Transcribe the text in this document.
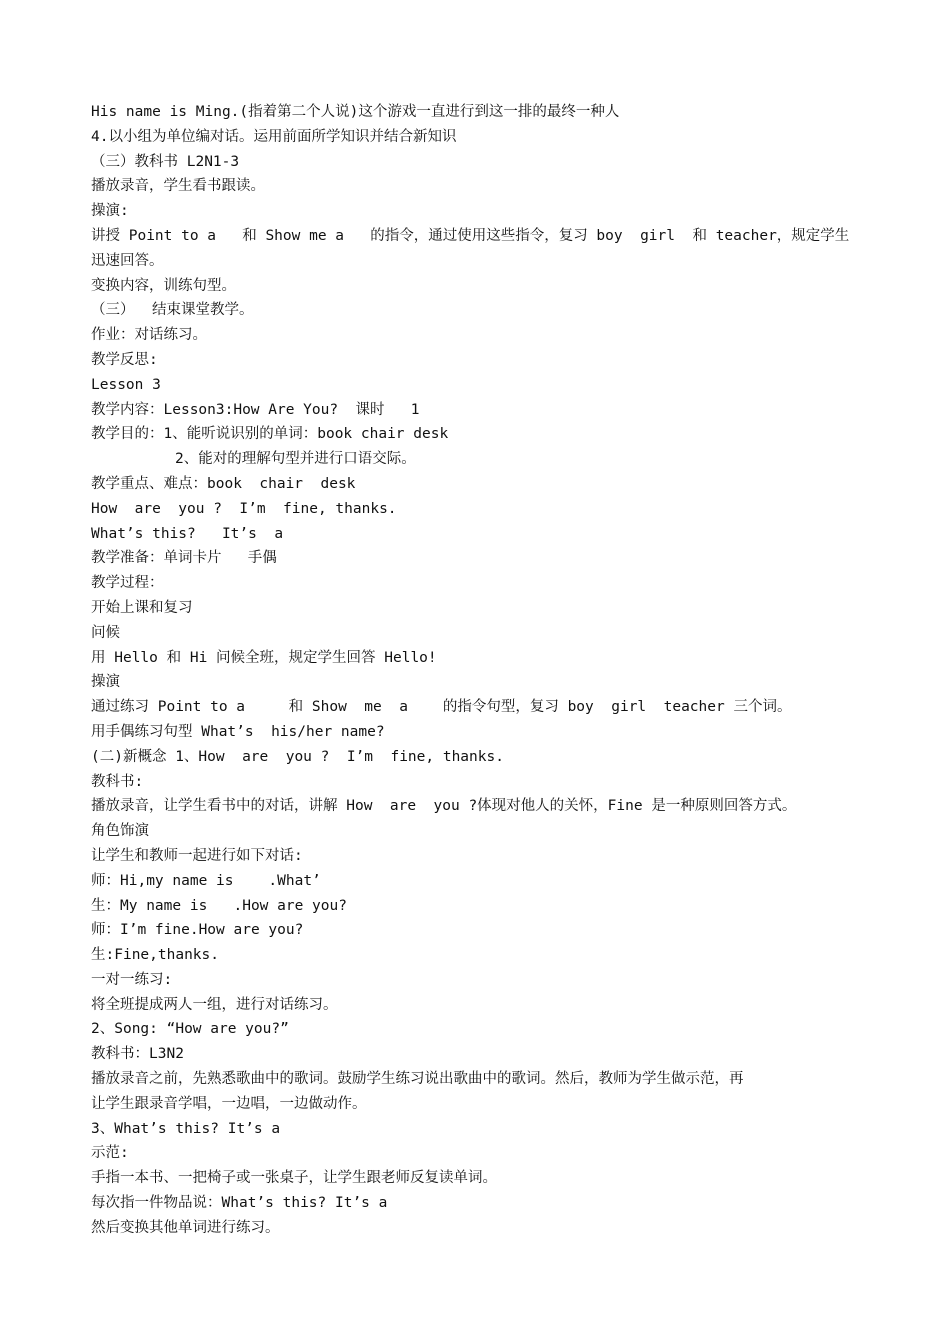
His name is Ming.(指着第二个人说)这个游戏一直进行到这一排的最终一种人
4.以小组为单位编对话。运用前面所学知识并结合新知识
（三）教科书 L2N1-3
播放录音，学生看书跟读。
操演:
讲授 Point to a   和 Show me a   的指令，通过使用这些指令，复习 boy  girl  和 teacher，规定学生
迅速回答。
变换内容，训练句型。
（三）  结束课堂教学。
作业：对话练习。
教学反思:
Lesson 3
教学内容：Lesson3:How Are You?  课时   1
教学目的：1、能听说识别的单词：book chair desk
2、能对的理解句型并进行口语交际。
教学重点、难点：book  chair  desk
How  are  you ?  I’m  fine, thanks.
What’s this?   It’s  a
教学准备：单词卡片   手偶
教学过程：
开始上课和复习
问候
用 Hello 和 Hi 问候全班，规定学生回答 Hello!
操演
通过练习 Point to a     和 Show  me  a    的指令句型，复习 boy  girl  teacher 三个词。
用手偶练习句型 What’s  his/her name?
(二)新概念 1、How  are  you ?  I’m  fine, thanks.
教科书:
播放录音，让学生看书中的对话，讲解 How  are  you ?体现对他人的关怀，Fine 是一种原则回答方式。
角色饰演
让学生和教师一起进行如下对话:
师：Hi,my name is    .What’
生：My name is   .How are you?
师：I’m fine.How are you?
生:Fine,thanks.
一对一练习:
将全班提成两人一组，进行对话练习。
2、Song: “How are you?”
教科书：L3N2
播放录音之前，先熟悉歌曲中的歌词。鼓励学生练习说出歌曲中的歌词。然后，教师为学生做示范，再
让学生跟录音学唱，一边唱，一边做动作。
3、What’s this? It’s a
示范:
手指一本书、一把椅子或一张桌子，让学生跟老师反复读单词。
每次指一件物品说：What’s this? It’s a
然后变换其他单词进行练习。
